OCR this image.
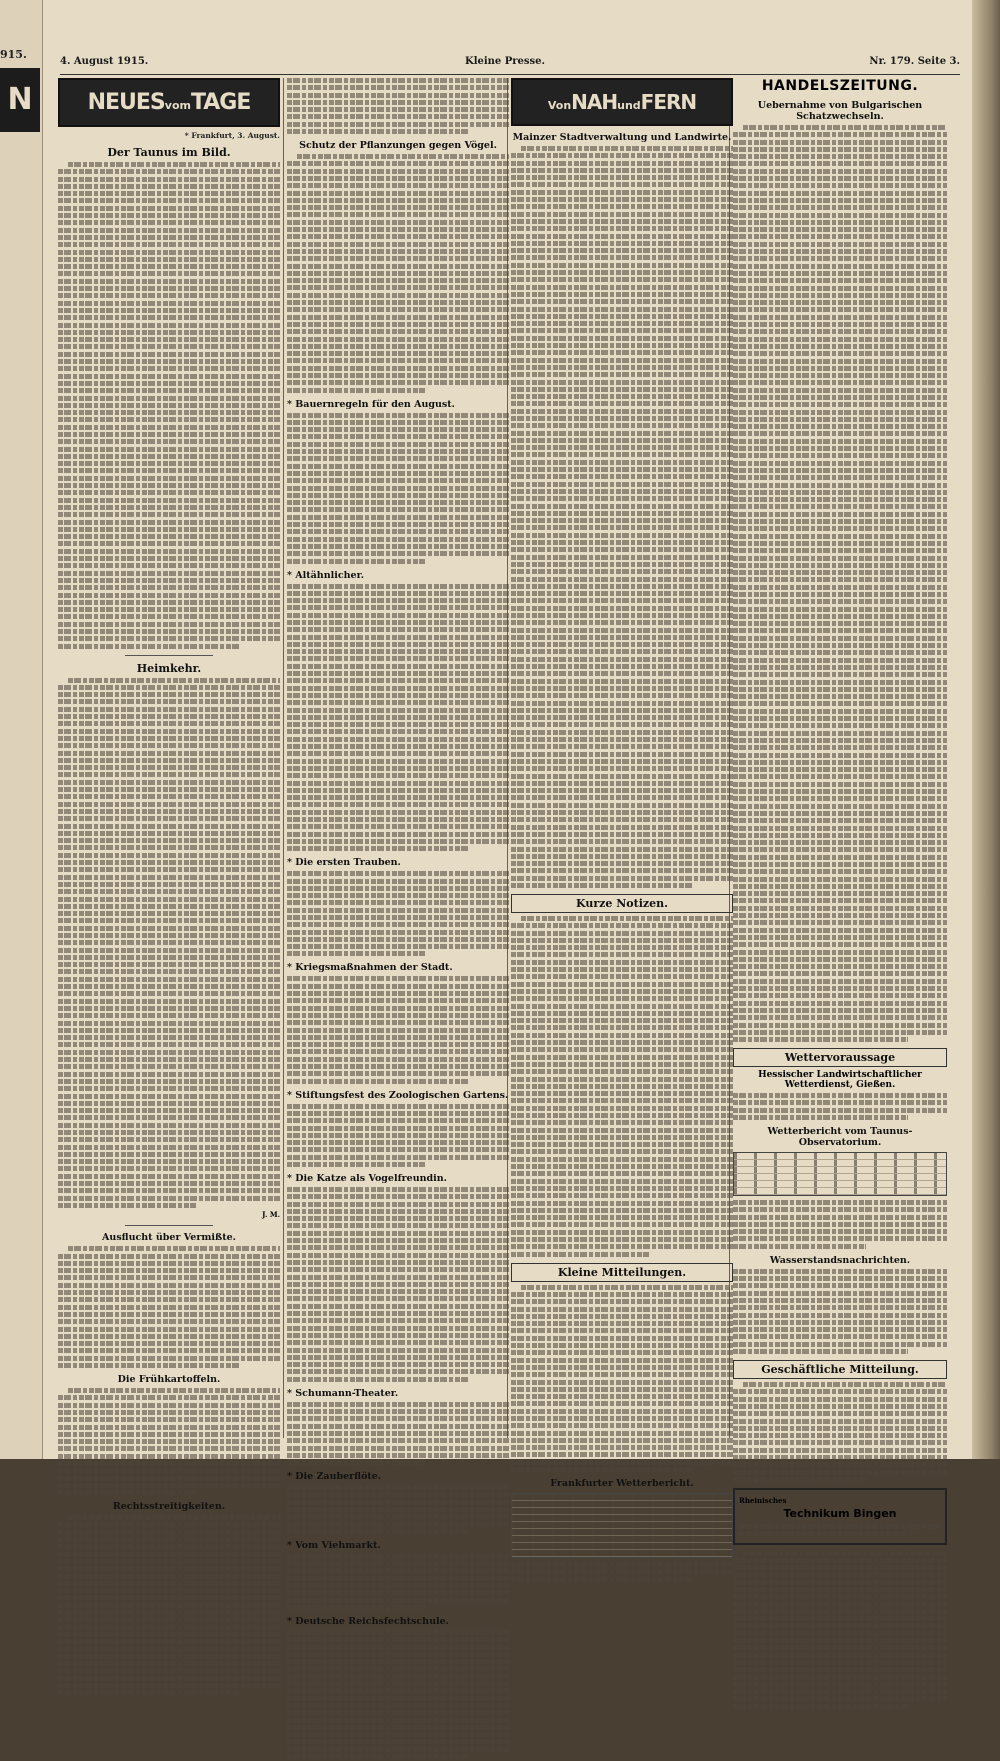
915.
N
4. August 1915.	Kleine Presse.	Nr. 179. Seite 3.
NEUESvomTAGE
* Frankfurt, 3. August.
Der Taunus im Bild.
Heimkehr.
J. M.
Ausflucht über Vermißte.
Die Frühkartoffeln.
Rechtsstreitigkeiten.
Schutz der Pflanzungen gegen Vögel.
* Bauernregeln für den August.
* Altähnlicher.
* Die ersten Trauben.
* Kriegsmaßnahmen der Stadt.
* Stiftungsfest des Zoologischen Gartens.
* Die Katze als Vogelfreundin.
* Schumann-Theater.
* Die Zauberflöte.
* Vom Viehmarkt.
* Deutsche Reichsfechtschule.
VonNAHundFERN
Mainzer Stadtverwaltung und Landwirte.
Kurze Notizen.
Kleine Mitteilungen.
Frankfurter Wetterbericht.
HANDELSZEITUNG.
Uebernahme von Bulgarischen Schatzwechseln.
Wettervoraussage
Hessischer Landwirtschaftlicher Wetterdienst, Gießen.
Wetterbericht vom Taunus-Observatorium.
Wasserstandsnachrichten.
Geschäftliche Mitteilung.
Rheinisches
Technikum Bingen
